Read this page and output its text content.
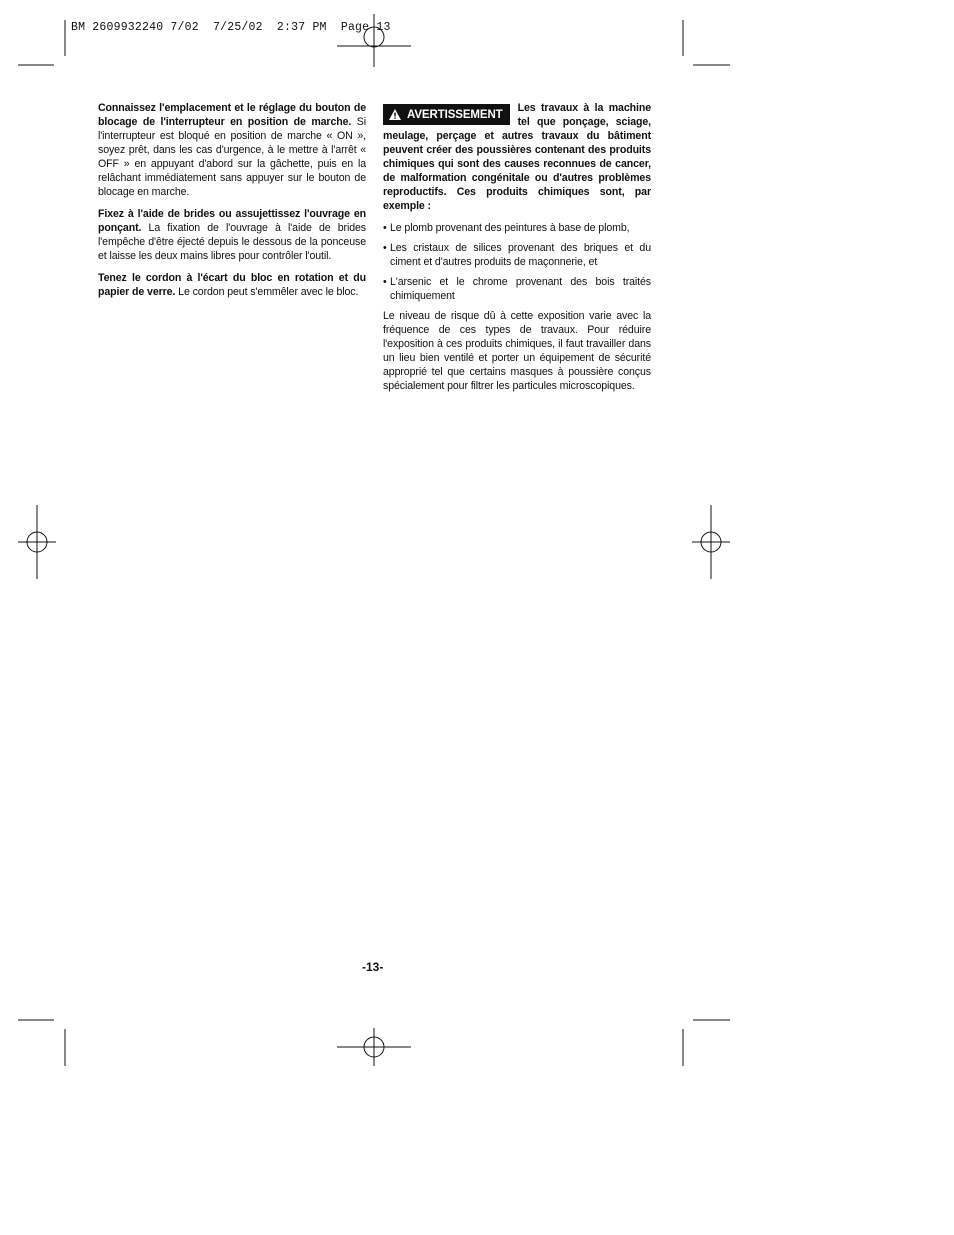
BM 2609932240 7/02  7/25/02  2:37 PM  Page 13

Connaissez l'emplacement et le réglage du bouton de blocage de l'interrupteur en position de marche. Si l'interrupteur est bloqué en position de marche « ON », soyez prêt, dans les cas d'urgence, à le mettre à l'arrêt « OFF » en appuyant d'abord sur la gâchette, puis en la relâchant immédiatement sans appuyer sur le bouton de blocage en marche.

Fixez à l'aide de brides ou assujettissez l'ouvrage en ponçant. La fixation de l'ouvrage à l'aide de brides l'empêche d'être éjecté depuis le dessous de la ponceuse et laisse les deux mains libres pour contrôler l'outil.

Tenez le cordon à l'écart du bloc en rotation et du papier de verre. Le cordon peut s'emmêler avec le bloc.

AVERTISSEMENT
Les travaux à la machine tel que ponçage, sciage, meulage, perçage et autres travaux du bâtiment peuvent créer des poussières contenant des produits chimiques qui sont des causes reconnues de cancer, de malformation congénitale ou d'autres problèmes reproductifs. Ces produits chimiques sont, par exemple :

• Le plomb provenant des peintures à base de plomb,
• Les cristaux de silices provenant des briques et du ciment et d'autres produits de maçonnerie, et
• L'arsenic et le chrome provenant des bois traités chimiquement

Le niveau de risque dû à cette exposition varie avec la fréquence de ces types de travaux. Pour réduire l'exposition à ces produits chimiques, il faut travailler dans un lieu bien ventilé et porter un équipement de sécurité approprié tel que certains masques à poussière conçus spécialement pour filtrer les particules microscopiques.

-13-
